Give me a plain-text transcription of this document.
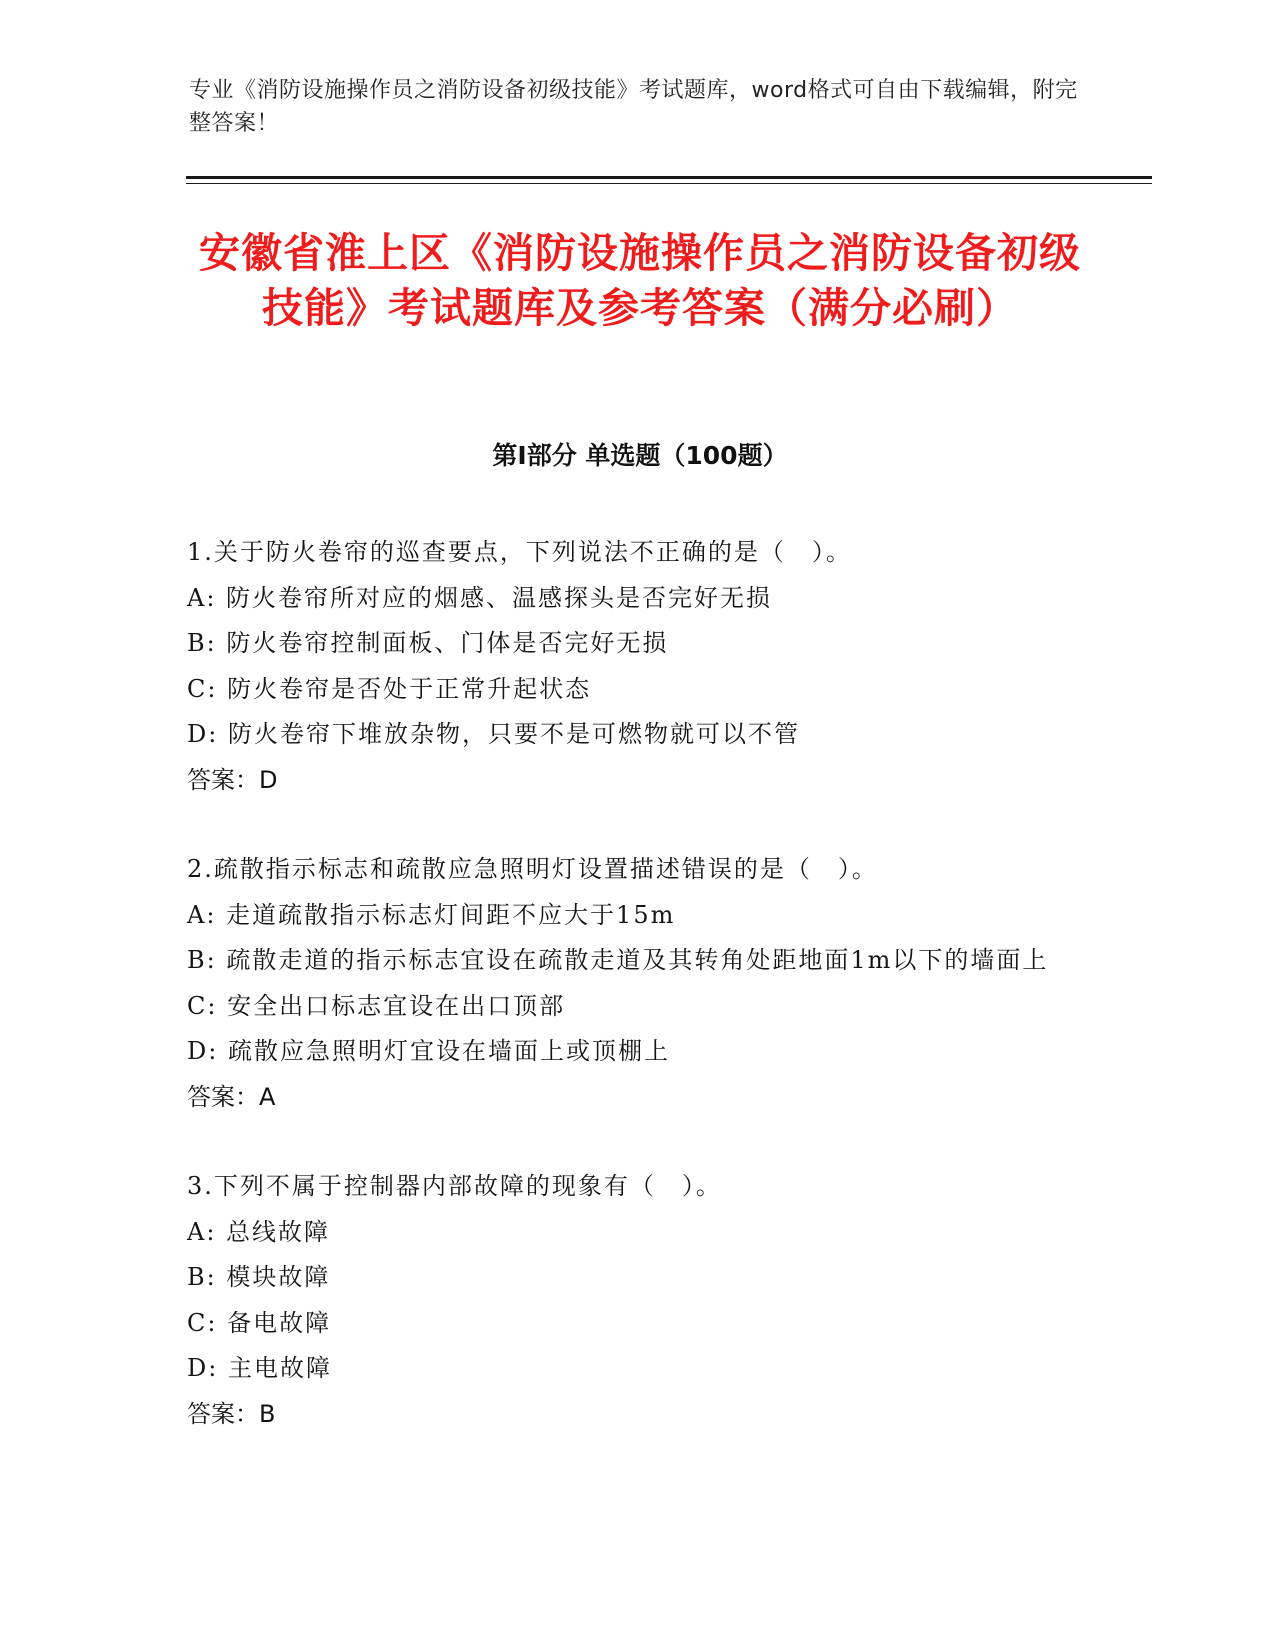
专业《消防设施操作员之消防设备初级技能》考试题库，word格式可自由下载编辑，附完整答案！
安徽省淮上区《消防设施操作员之消防设备初级技能》考试题库及参考答案（满分必刷）
第Ⅰ部分 单选题（100题）
1.关于防火卷帘的巡查要点，下列说法不正确的是（　）。
A: 防火卷帘所对应的烟感、温感探头是否完好无损
B: 防火卷帘控制面板、门体是否完好无损
C: 防火卷帘是否处于正常升起状态
D: 防火卷帘下堆放杂物，只要不是可燃物就可以不管
答案：D
2.疏散指示标志和疏散应急照明灯设置描述错误的是（　）。
A: 走道疏散指示标志灯间距不应大于15m
B: 疏散走道的指示标志宜设在疏散走道及其转角处距地面1m以下的墙面上
C: 安全出口标志宜设在出口顶部
D: 疏散应急照明灯宜设在墙面上或顶棚上
答案：A
3.下列不属于控制器内部故障的现象有（　）。
A: 总线故障
B: 模块故障
C: 备电故障
D: 主电故障
答案：B
